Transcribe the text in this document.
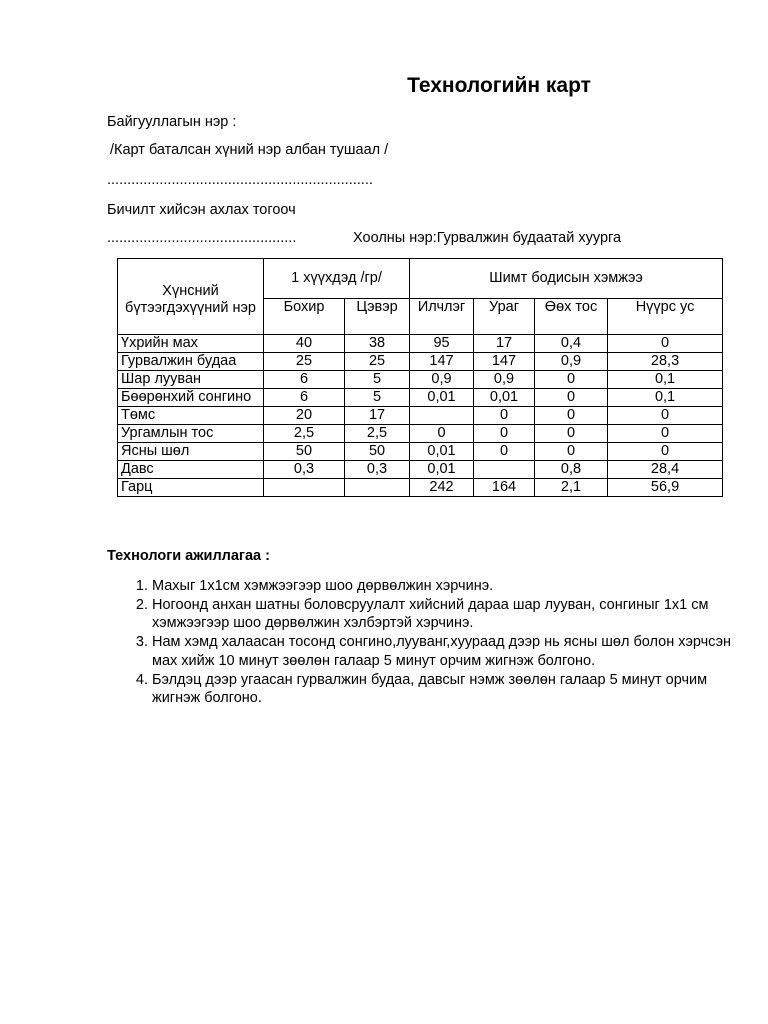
Технологийн карт
Байгууллагын нэр :
/Карт баталсан хүний нэр албан тушаал /
..................................................................
Бичилт хийсэн ахлах тогооч
...............................................	Хоолны нэр:Гурвалжин будаатай хуурга
Хүнсний бүтээгдэхүүний нэр	1 хүүхдэд /гр/		Шимт бодисын хэмжээ			
	Бохир	Цэвэр	Илчлэг	Ураг	Өөх тос	Нүүрс ус
Үхрийн мах	40	38	95	17	0,4	0
Гурвалжин будаа	25	25	147	147	0,9	28,3
Шар лууван	6	5	0,9	0,9	0	0,1
Бөөрөнхий сонгино	6	5	0,01	0,01	0	0,1
Төмс	20	17		0	0	0
Ургамлын тос	2,5	2,5	0	0	0	0
Ясны шөл	50	50	0,01	0	0	0
Давс	0,3	0,3	0,01		0,8	28,4
Гарц			242	164	2,1	56,9
Технологи ажиллагаа :
1. Махыг 1х1см хэмжээгээр шоо дөрвөлжин хэрчинэ.
2. Ногоонд анхан шатны боловсруулалт хийсний дараа шар лууван, сонгиныг 1х1 см хэмжээгээр шоо дөрвөлжин хэлбэртэй хэрчинэ.
3. Нам хэмд халаасан тосонд сонгино,лууванг,хуураад дээр нь ясны шөл болон хэрчсэн мах хийж 10 минут зөөлөн галаар 5 минут орчим жигнэж болгоно.
4. Бэлдэц дээр угаасан гурвалжин будаа, давсыг нэмж зөөлөн галаар 5 минут орчим жигнэж болгоно.
